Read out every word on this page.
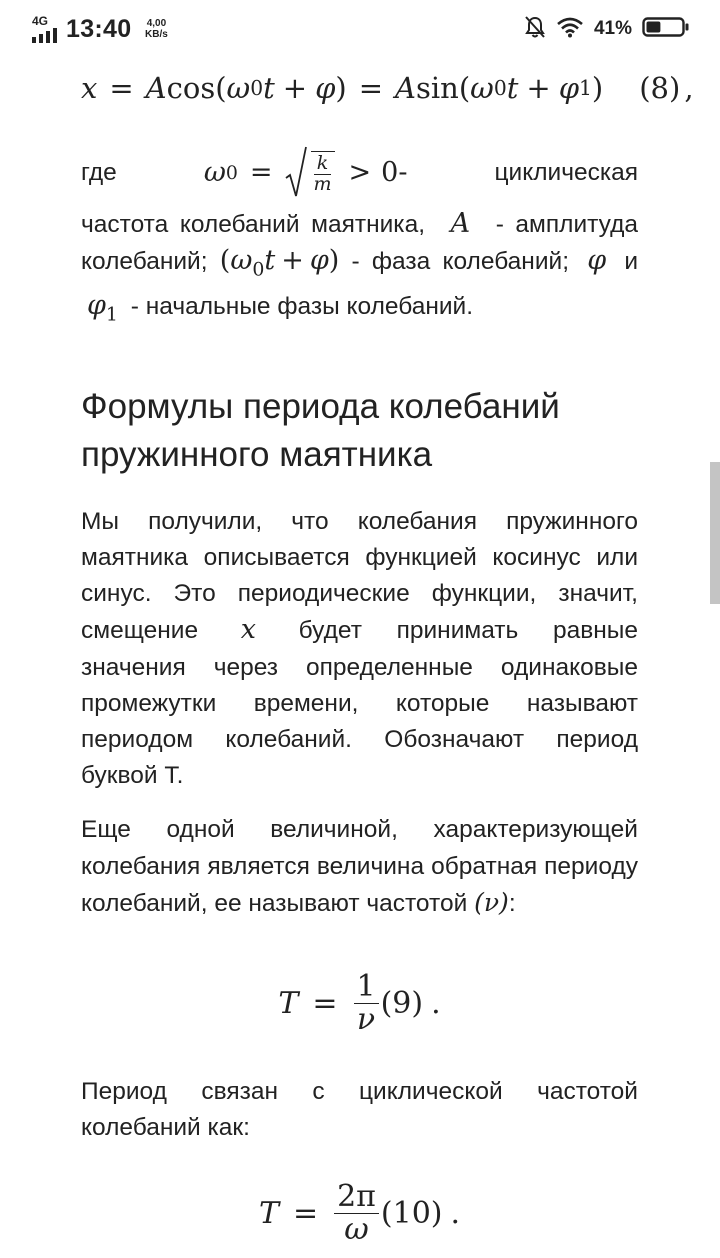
4G 13:40	4,00
KB/s	41%
x = A cos ( ω 0 t + φ ) = A sin ( ω 0 t + φ 1 ) (8) ,
где	ω $0 = \frac{k}{m} > 0-$	циклическая
частота колебаний маятника, A - амплитуда колебаний; $(\omega_0t + \varphi)$ - фаза колебаний; φ и $\varphi_1$ - начальные фазы колебаний.
Формулы периода колебаний пружинного маятника

Мы получили, что колебания пружинного маятника описывается функцией косинус или синус. Это периодические функции, значит, смещение x будет принимать равные значения через определенные одинаковые промежутки времени, которые называют периодом колебаний. Обозначают период буквой Т.

Еще одной величиной, характеризующей колебания является величина обратная периоду колебаний, ее называют частотой (ν):

$T = \frac{1}{\nu} (9)$ .

Период связан с циклической частотой колебаний как:

$T = \frac{2\pi}{\omega} (10)$ .
